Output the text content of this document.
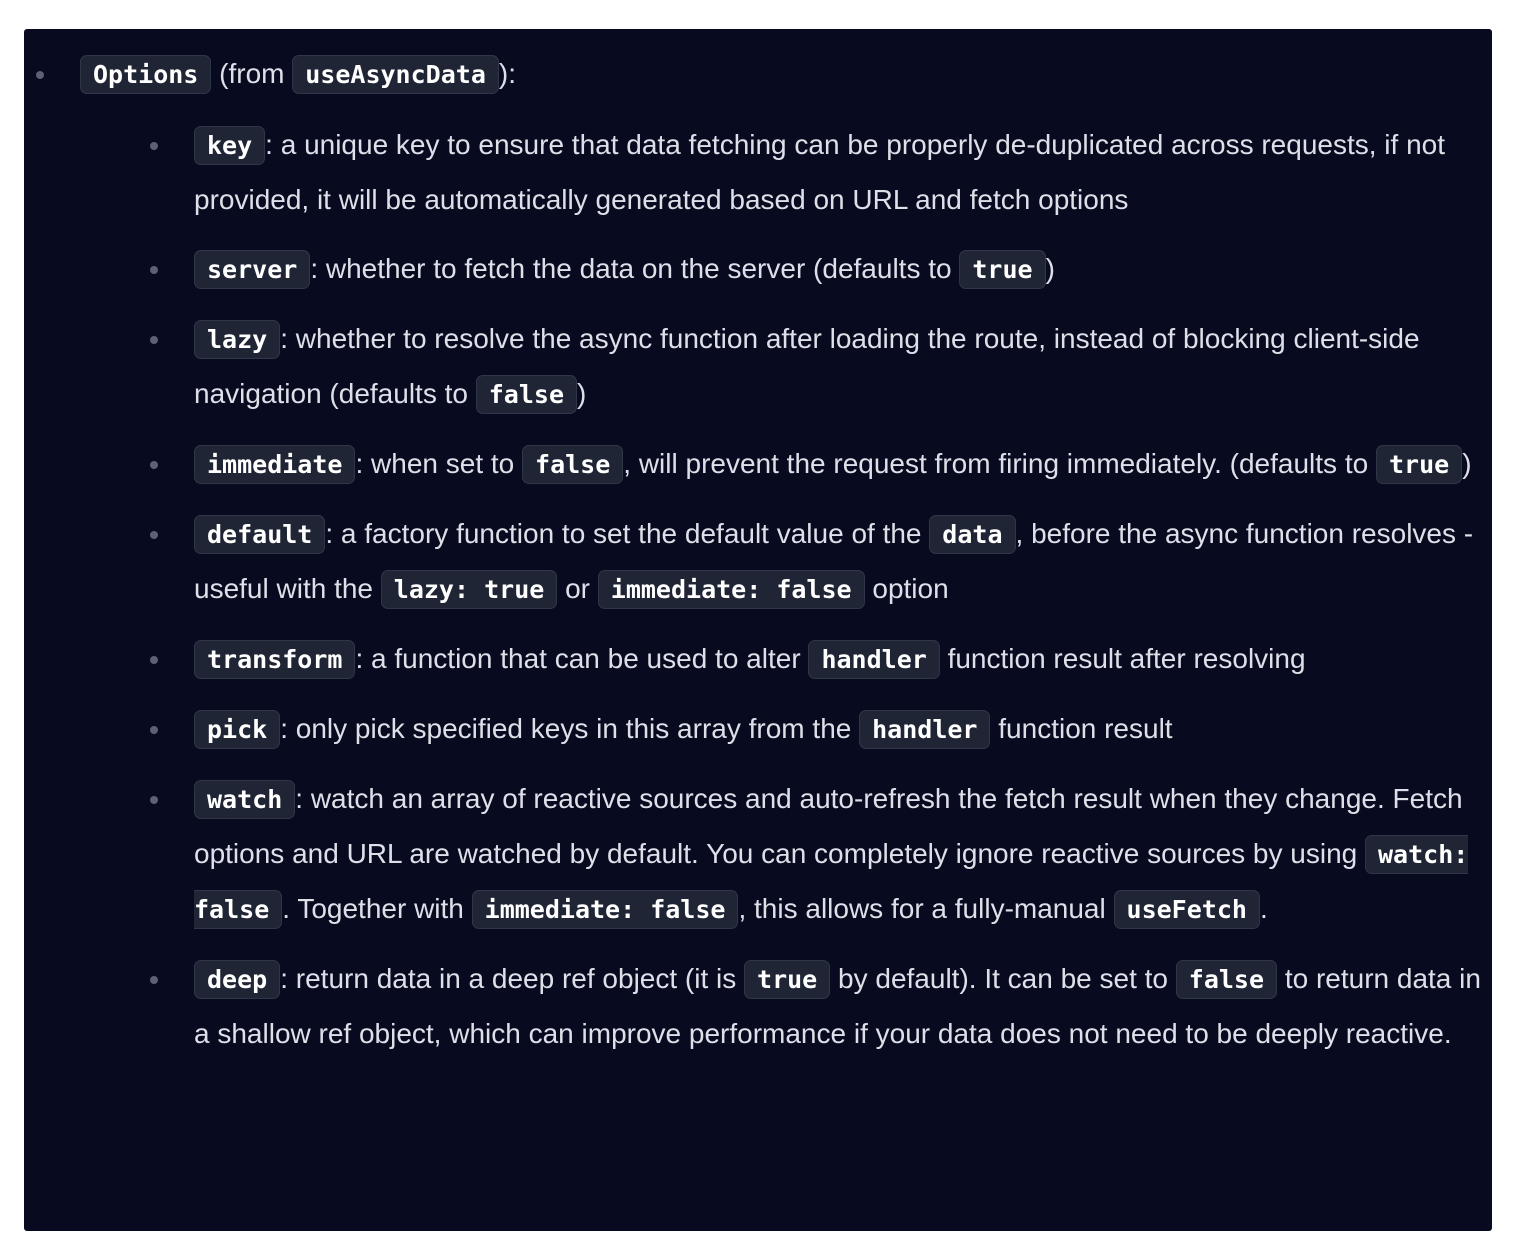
Options (from useAsyncData ):
key : a unique key to ensure that data fetching can be properly de-duplicated across requests, if not provided, it will be automatically generated based on URL and fetch options
server : whether to fetch the data on the server (defaults to true )
lazy : whether to resolve the async function after loading the route, instead of blocking client-side navigation (defaults to false )
immediate : when set to false , will prevent the request from firing immediately. (defaults to true )
default : a factory function to set the default value of the data , before the async function resolves - useful with the lazy: true or immediate: false option
transform : a function that can be used to alter handler function result after resolving
pick : only pick specified keys in this array from the handler function result
watch : watch an array of reactive sources and auto-refresh the fetch result when they change. Fetch options and URL are watched by default. You can completely ignore reactive sources by using watch: false . Together with immediate: false , this allows for a fully-manual useFetch .
deep : return data in a deep ref object (it is true by default). It can be set to false to return data in a shallow ref object, which can improve performance if your data does not need to be deeply reactive.
